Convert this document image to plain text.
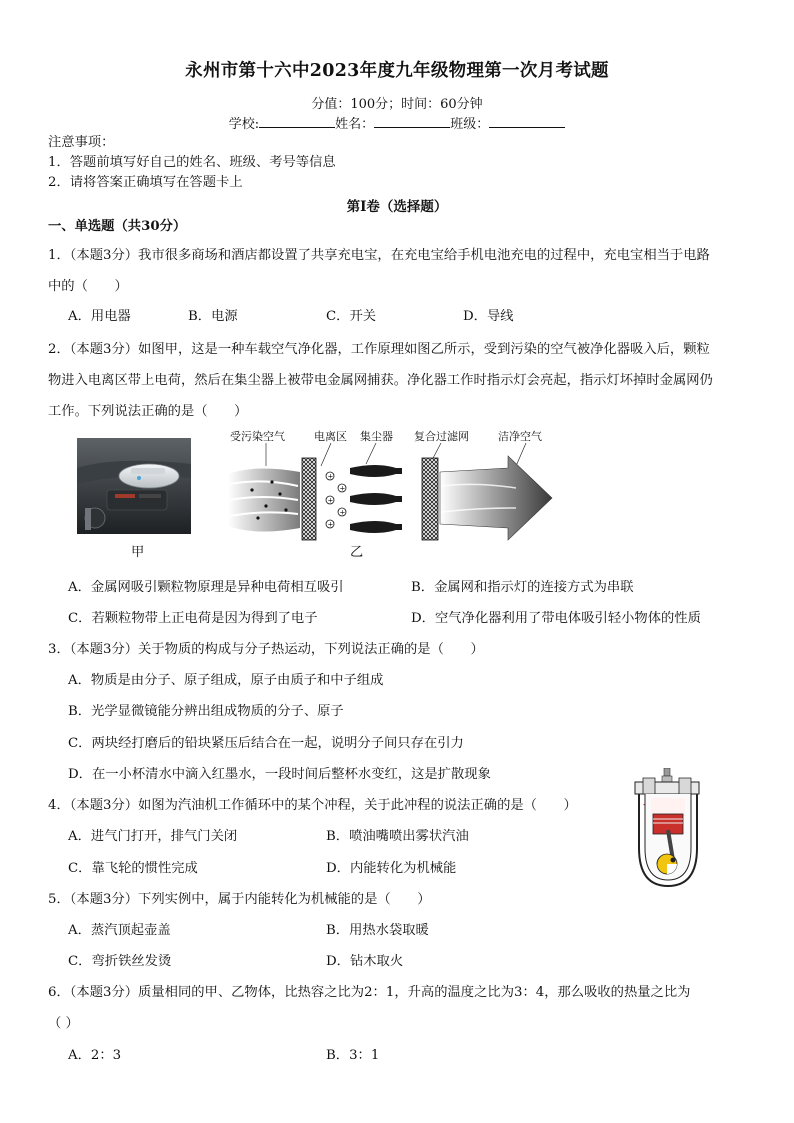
永州市第十六中2023年度九年级物理第一次月考试题
分值：100分；时间：60分钟
学校:	姓名：	班级：
注意事项：
1．答题前填写好自己的姓名、班级、考号等信息
2．请将答案正确填写在答题卡上
第I卷（选择题）
一、单选题（共30分）
1．（本题3分）我市很多商场和酒店都设置了共享充电宝，在充电宝给手机电池充电的过程中，充电宝相当于电路
中的（　　）
A．用电器	B．电源	C．开关	D．导线
2．（本题3分）如图甲，这是一种车载空气净化器，工作原理如图乙所示，受到污染的空气被净化器吸入后，颗粒
物进入电离区带上电荷，然后在集尘器上被带电金属网捕获。净化器工作时指示灯会亮起，指示灯坏掉时金属网仍
工作。下列说法正确的是（　　）
甲
受污染空气	电离区 集尘器 复合过滤网	洁净空气
+
+
+
+
+
乙
A．金属网吸引颗粒物原理是异种电荷相互吸引	B．金属网和指示灯的连接方式为串联
C．若颗粒物带上正电荷是因为得到了电子	D．空气净化器利用了带电体吸引轻小物体的性质
3．（本题3分）关于物质的构成与分子热运动，下列说法正确的是（　　）
A．物质是由分子、原子组成，原子由质子和中子组成
B．光学显微镜能分辨出组成物质的分子、原子
C．两块经打磨后的铅块紧压后结合在一起，说明分子间只存在引力
D．在一小杯清水中滴入红墨水，一段时间后整杯水变红，这是扩散现象
4．（本题3分）如图为汽油机工作循环中的某个冲程，关于此冲程的说法正确的是（　　）
A．进气门打开，排气门关闭	B．喷油嘴喷出雾状汽油
C．靠飞轮的惯性完成	D．内能转化为机械能
5．（本题3分）下列实例中，属于内能转化为机械能的是（　　）
A．蒸汽顶起壶盖	B．用热水袋取暖
C．弯折铁丝发烫	D．钻木取火
6．（本题3分）质量相同的甲、乙物体，比热容之比为2：1，升高的温度之比为3：4，那么吸收的热量之比为
（ ）
A．2：3	B．3：1
